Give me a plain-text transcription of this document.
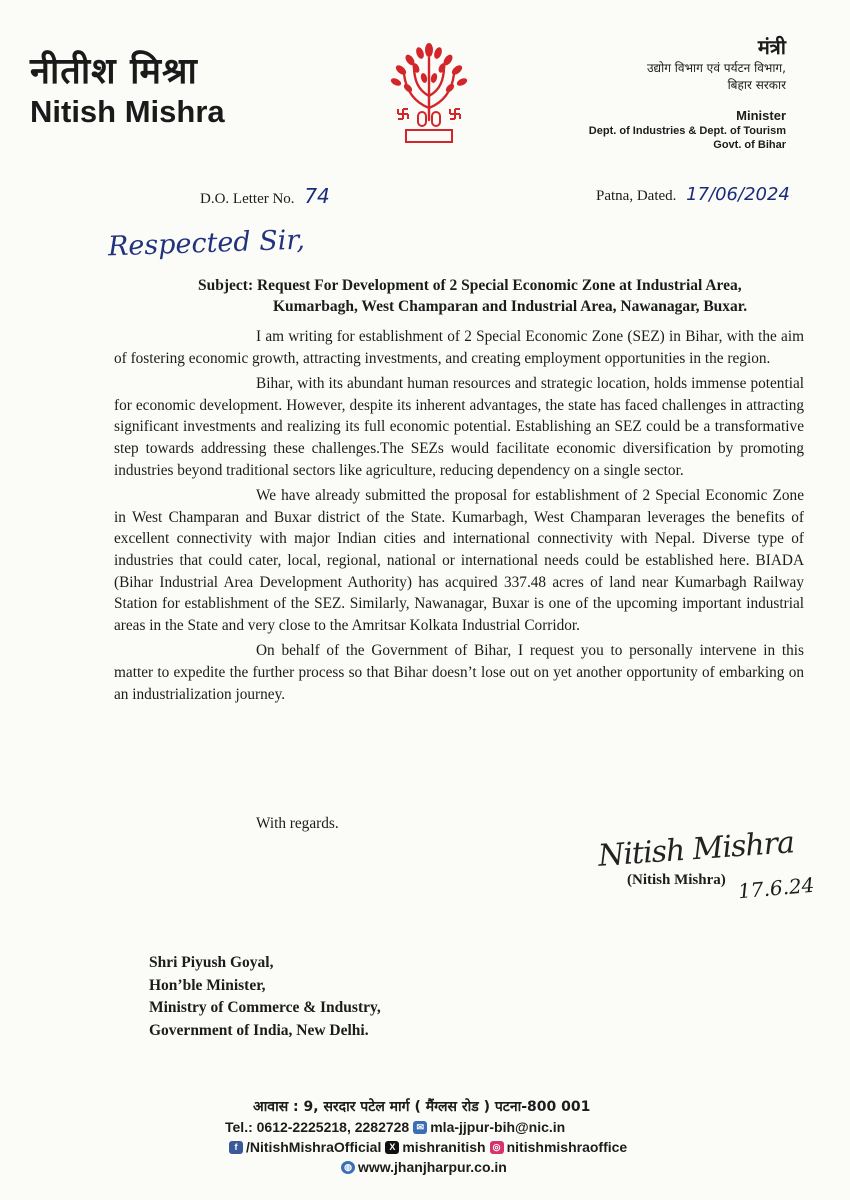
नीतीश मिश्रा
Nitish Mishra
मंत्री
उद्योग विभाग एवं पर्यटन विभाग,
बिहार सरकार
Minister
Dept. of Industries & Dept. of Tourism
Govt. of Bihar
D.O. Letter No. 74	Patna, Dated. 17/06/2024
Respected Sir,
Subject: Request For Development of 2 Special Economic Zone at Industrial Area,
Kumarbagh, West Champaran and Industrial Area, Nawanagar, Buxar.

I am writing for establishment of 2 Special Economic Zone (SEZ) in Bihar, with the aim of fostering economic growth, attracting investments, and creating employment opportunities in the region.

Bihar, with its abundant human resources and strategic location, holds immense potential for economic development. However, despite its inherent advantages, the state has faced challenges in attracting significant investments and realizing its full economic potential. Establishing an SEZ could be a transformative step towards addressing these challenges.The SEZs would facilitate economic diversification by promoting industries beyond traditional sectors like agriculture, reducing dependency on a single sector.

We have already submitted the proposal for establishment of 2 Special Economic Zone in West Champaran and Buxar district of the State. Kumarbagh, West Champaran leverages the benefits of excellent connectivity with major Indian cities and international connectivity with Nepal. Diverse type of industries that could cater, local, regional, national or international needs could be established here. BIADA (Bihar Industrial Area Development Authority) has acquired 337.48 acres of land near Kumarbagh Railway Station for establishment of the SEZ. Similarly, Nawanagar, Buxar is one of the upcoming important industrial areas in the State and very close to the Amritsar Kolkata Industrial Corridor.

On behalf of the Government of Bihar, I request you to personally intervene in this matter to expedite the further process so that Bihar doesn’t lose out on yet another opportunity of embarking on an industrialization journey.

With regards.
Nitish Mishra
(Nitish Mishra) 17.6.24
Shri Piyush Goyal,
Hon’ble Minister,
Ministry of Commerce & Industry,
Government of India, New Delhi.
आवास : 9, सरदार पटेल मार्ग ( मैंग्लस रोड ) पटना-800 001
Tel.: 0612-2225218, 2282728 ✉ mla-jjpur-bih@nic.in
f /NitishMishraOfficial X mishranitish ◎ nitishmishraoffice
◍ www.jhanjharpur.co.in
